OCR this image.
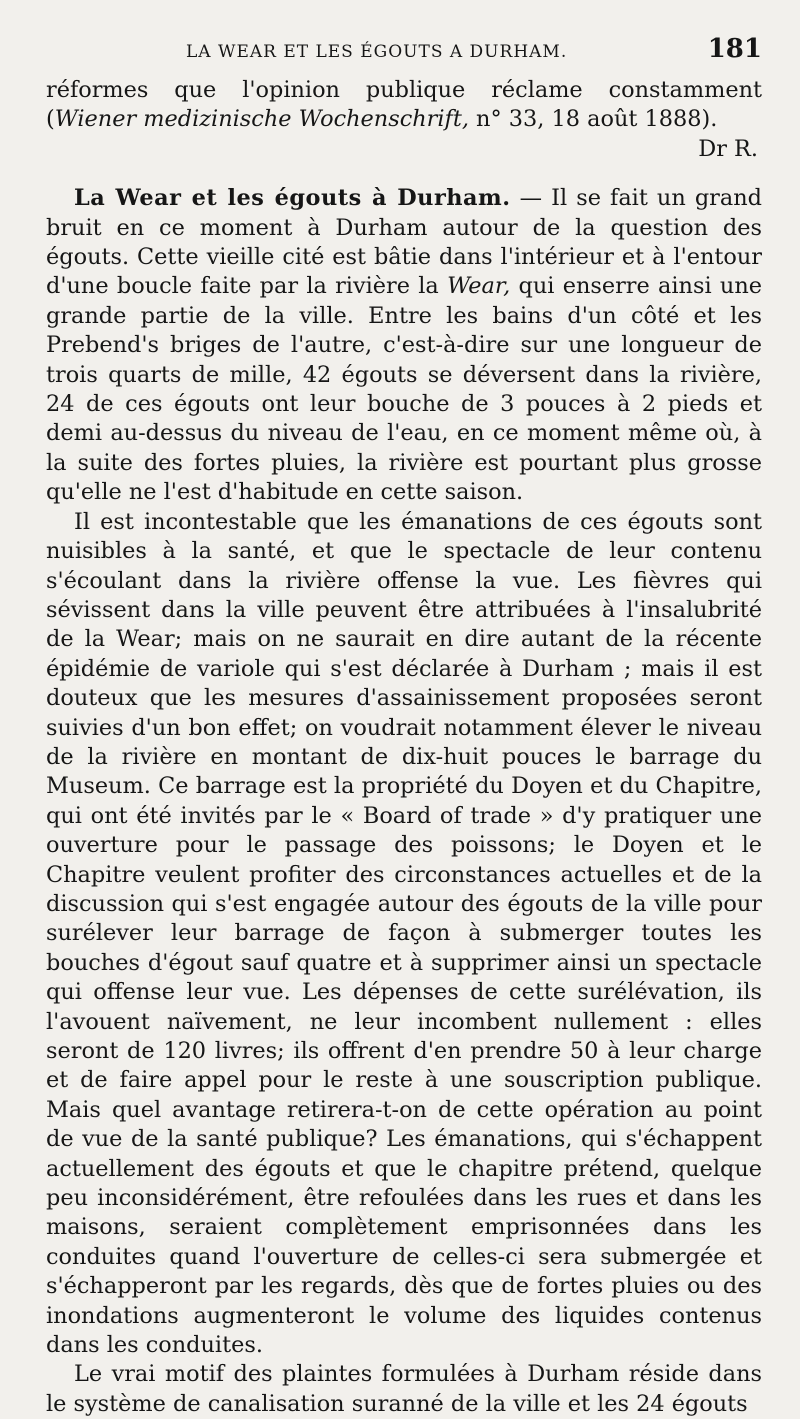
LA WEAR ET LES ÉGOUTS A DURHAM.	181

réformes que l'opinion publique réclame constamment (Wiener medizinische Wochenschrift, n° 33, 18 août 1888).
Dr R.

La Wear et les égouts à Durham. — Il se fait un grand bruit en ce moment à Durham autour de la question des égouts. Cette vieille cité est bâtie dans l'intérieur et à l'entour d'une boucle faite par la rivière la Wear, qui enserre ainsi une grande partie de la ville. Entre les bains d'un côté et les Prebend's briges de l'autre, c'est-à-dire sur une longueur de trois quarts de mille, 42 égouts se déversent dans la rivière, 24 de ces égouts ont leur bouche de 3 pouces à 2 pieds et demi au-dessus du niveau de l'eau, en ce moment même où, à la suite des fortes pluies, la rivière est pourtant plus grosse qu'elle ne l'est d'habitude en cette saison.

Il est incontestable que les émanations de ces égouts sont nuisibles à la santé, et que le spectacle de leur contenu s'écoulant dans la rivière offense la vue. Les fièvres qui sévissent dans la ville peuvent être attribuées à l'insalubrité de la Wear; mais on ne saurait en dire autant de la récente épidémie de variole qui s'est déclarée à Durham ; mais il est douteux que les mesures d'assainissement proposées seront suivies d'un bon effet; on voudrait notamment élever le niveau de la rivière en montant de dix-huit pouces le barrage du Museum. Ce barrage est la propriété du Doyen et du Chapitre, qui ont été invités par le « Board of trade » d'y pratiquer une ouverture pour le passage des poissons; le Doyen et le Chapitre veulent profiter des circonstances actuelles et de la discussion qui s'est engagée autour des égouts de la ville pour surélever leur barrage de façon à submerger toutes les bouches d'égout sauf quatre et à supprimer ainsi un spectacle qui offense leur vue. Les dépenses de cette surélévation, ils l'avouent naïvement, ne leur incombent nullement : elles seront de 120 livres; ils offrent d'en prendre 50 à leur charge et de faire appel pour le reste à une souscription publique. Mais quel avantage retirera-t-on de cette opération au point de vue de la santé publique? Les émanations, qui s'échappent actuellement des égouts et que le chapitre prétend, quelque peu inconsidérément, être refoulées dans les rues et dans les maisons, seraient complètement emprisonnées dans les conduites quand l'ouverture de celles-ci sera submergée et s'échapperont par les regards, dès que de fortes pluies ou des inondations augmenteront le volume des liquides contenus dans les conduites.

Le vrai motif des plaintes formulées à Durham réside dans le système de canalisation suranné de la ville et les 24 égouts
